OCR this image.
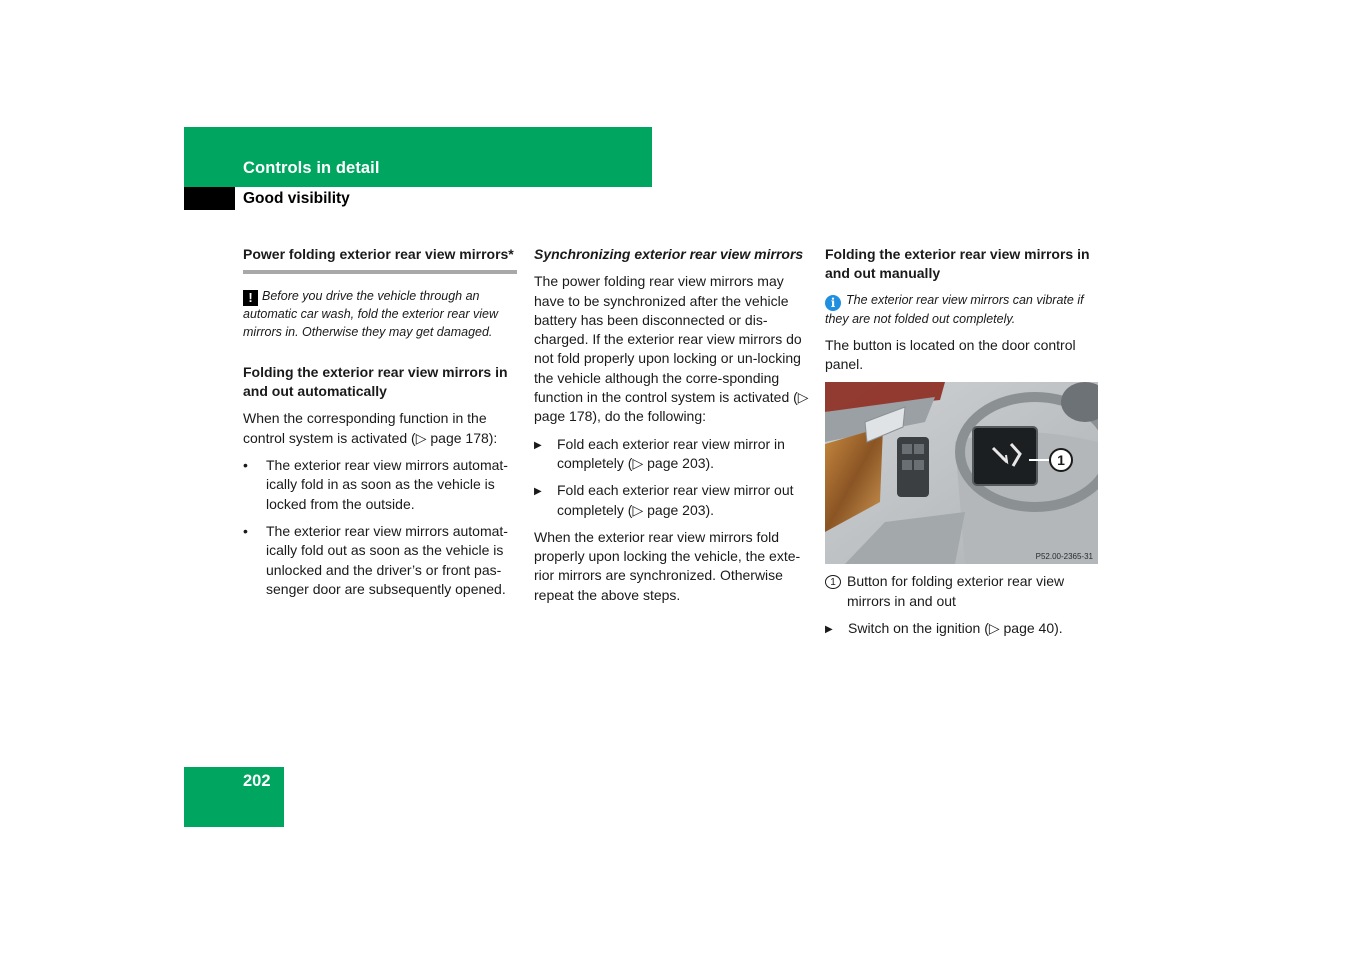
Controls in detail
Good visibility

Power folding exterior rear view mirrors*

! Before you drive the vehicle through an automatic car wash, fold the exterior rear view mirrors in. Otherwise they may get damaged.

Folding the exterior rear view mirrors in and out automatically

When the corresponding function in the control system is activated (▷ page 178):

•	The exterior rear view mirrors automat-ically fold in as soon as the vehicle is locked from the outside.
•	The exterior rear view mirrors automat-ically fold out as soon as the vehicle is unlocked and the driver’s or front pas-senger door are subsequently opened.

Synchronizing exterior rear view mirrors

The power folding rear view mirrors may have to be synchronized after the vehicle battery has been disconnected or dis-charged. If the exterior rear view mirrors do not fold properly upon locking or un-locking the vehicle although the corre-sponding function in the control system is activated (▷ page 178), do the following:

▶	Fold each exterior rear view mirror in completely (▷ page 203).
▶	Fold each exterior rear view mirror out completely (▷ page 203).

When the exterior rear view mirrors fold properly upon locking the vehicle, the exte-rior mirrors are synchronized. Otherwise repeat the above steps.

Folding the exterior rear view mirrors in and out manually

i The exterior rear view mirrors can vibrate if they are not folded out completely.

The button is located on the door control panel.

1
P52.00-2365-31
1 Button for folding exterior rear view mirrors in and out
▶	Switch on the ignition (▷ page 40).
202
